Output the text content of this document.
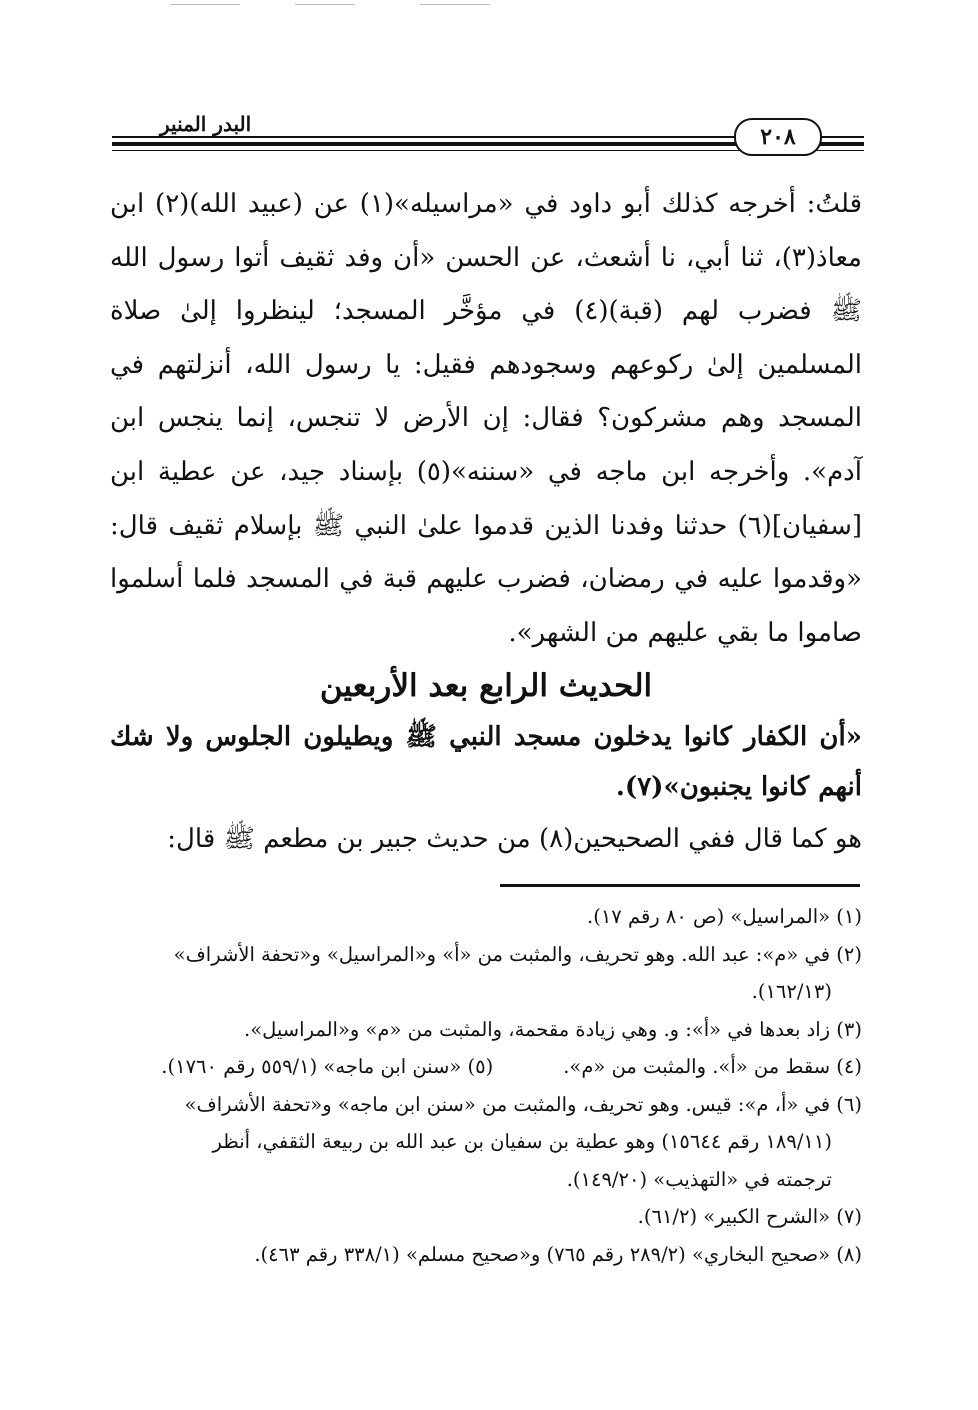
٢٠٨
البدر المنير

قلتُ: أخرجه كذلك أبو داود في «مراسيله»(١) عن (عبيد الله)(٢) ابن معاذ(٣)، ثنا أبي، نا أشعث، عن الحسن «أن وفد ثقيف أتوا رسول الله ﷺ فضرب لهم (قبة)(٤) في مؤخَّر المسجد؛ لينظروا إلىٰ صلاة المسلمين إلىٰ ركوعهم وسجودهم فقيل: يا رسول الله، أنزلتهم في المسجد وهم مشركون؟ فقال: إن الأرض لا تنجس، إنما ينجس ابن آدم». وأخرجه ابن ماجه في «سننه»(٥) بإسناد جيد، عن عطية ابن [سفيان](٦) حدثنا وفدنا الذين قدموا علىٰ النبي ﷺ بإسلام ثقيف قال: «وقدموا عليه في رمضان، فضرب عليهم قبة في المسجد فلما أسلموا صاموا ما بقي عليهم من الشهر».

الحديث الرابع بعد الأربعين
«أن الكفار كانوا يدخلون مسجد النبي ﷺ ويطيلون الجلوس ولا شك أنهم كانوا يجنبون»(٧).
هو كما قال ففي الصحيحين(٨) من حديث جبير بن مطعم ﷺ قال:

(١) «المراسيل» (ص ٨٠ رقم ١٧).

(٢) في «م»: عبد الله. وهو تحريف، والمثبت من «أ» و«المراسيل» و«تحفة الأشراف»

(١٦٢/١٣).

(٣) زاد بعدها في «أ»: و. وهي زيادة مقحمة، والمثبت من «م» و«المراسيل».

(٤) سقط من «أ». والمثبت من «م».
(٥) «سنن ابن ماجه» (٥٥٩/١ رقم ١٧٦٠).

(٦) في «أ، م»: قيس. وهو تحريف، والمثبت من «سنن ابن ماجه» و«تحفة الأشراف»

(١٨٩/١١ رقم ١٥٦٤٤) وهو عطية بن سفيان بن عبد الله بن ربيعة الثقفي، أنظر

ترجمته في «التهذيب» (١٤٩/٢٠).

(٧) «الشرح الكبير» (٦١/٢).

(٨) «صحيح البخاري» (٢٨٩/٢ رقم ٧٦٥) و«صحيح مسلم» (٣٣٨/١ رقم ٤٦٣).
